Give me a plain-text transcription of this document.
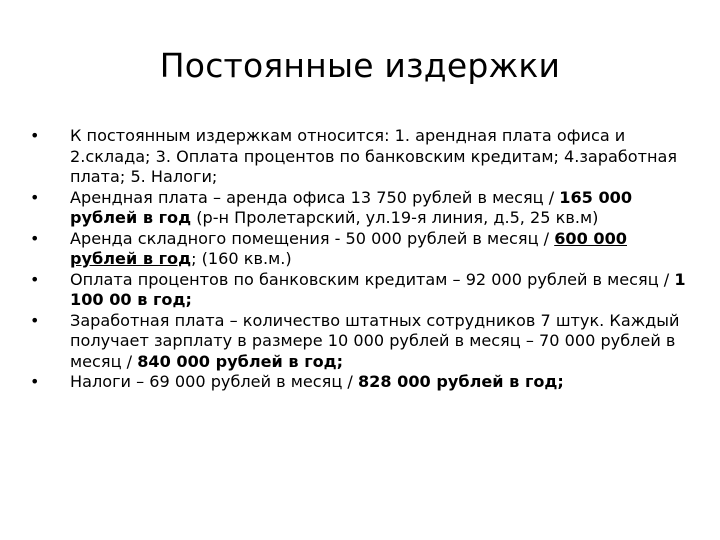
Постоянные издержки
• К постоянным издержкам относится: 1. арендная плата офиса и 2.склада; 3. Оплата процентов по банковским кредитам; 4.заработная плата; 5. Налоги;
• Арендная плата – аренда офиса 13 750 рублей в месяц / 165 000 рублей в год (р-н Пролетарский, ул.19-я линия, д.5, 25 кв.м)
• Аренда складного помещения - 50 000 рублей в месяц / 600 000 рублей в год; (160 кв.м.)
• Оплата процентов по банковским кредитам – 92 000 рублей в месяц / 1 100 00 в год;
• Заработная плата – количество штатных сотрудников 7 штук. Каждый получает зарплату в размере 10 000 рублей в месяц – 70 000 рублей в месяц / 840 000 рублей в год;
• Налоги – 69 000 рублей в месяц / 828 000 рублей в год;
